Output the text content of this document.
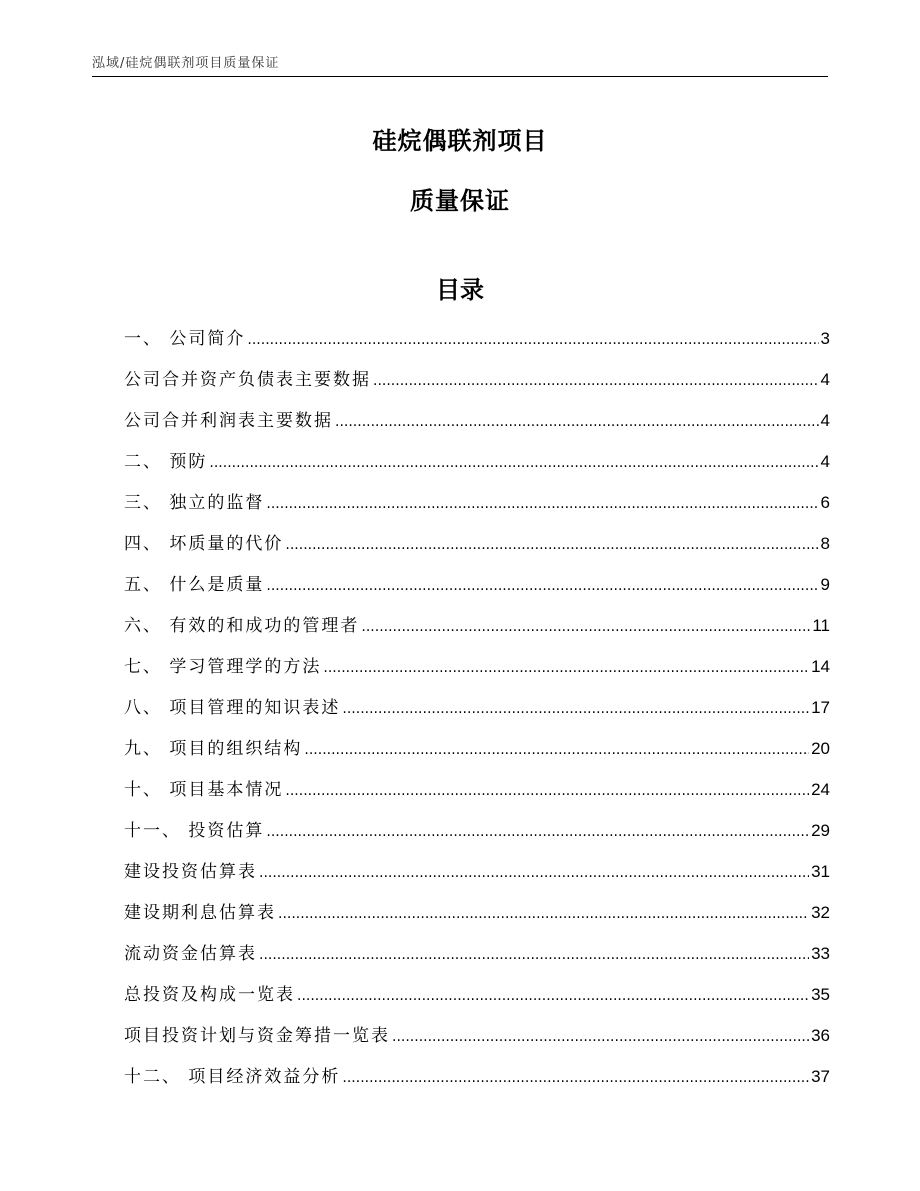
泓域/硅烷偶联剂项目质量保证
硅烷偶联剂项目
质量保证
目录
一、 公司简介 .....	3
公司合并资产负债表主要数据 .....	4
公司合并利润表主要数据 .....	4
二、 预防 .....	4
三、 独立的监督 .....	6
四、 坏质量的代价 .....	8
五、 什么是质量 .....	9
六、 有效的和成功的管理者 .....	11
七、 学习管理学的方法 .....	14
八、 项目管理的知识表述 .....	17
九、 项目的组织结构 .....	20
十、 项目基本情况 .....	24
十一、 投资估算 .....	29
建设投资估算表 .....	31
建设期利息估算表 .....	32
流动资金估算表 .....	33
总投资及构成一览表 .....	35
项目投资计划与资金筹措一览表 .....	36
十二、 项目经济效益分析 .....	37
